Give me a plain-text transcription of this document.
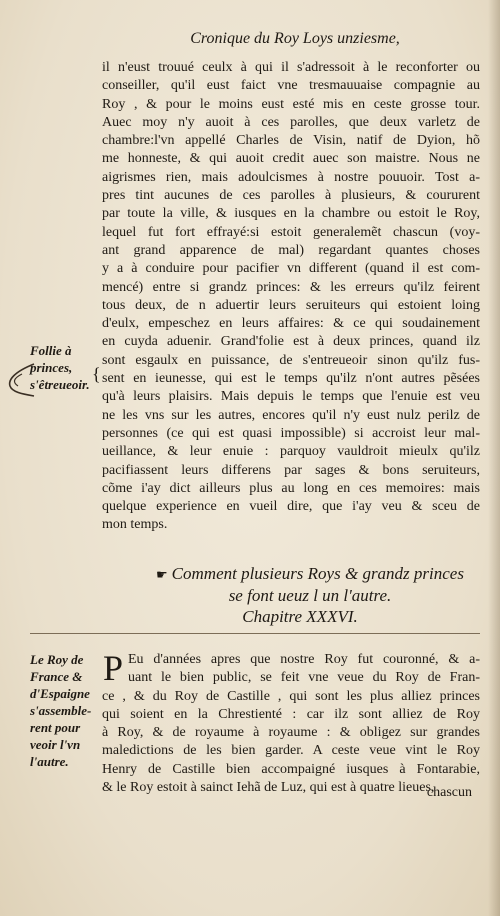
Cronique du Roy Loys unziesme,
il n'eust trouué ceulx à qui il s'adressoit à le reconforter ou
conseiller, qu'il eust faict vne tresmauuaise compagnie au
Roy , & pour le moins eust esté mis en ceste grosse tour.
Auec moy n'y auoit à ces parolles, que deux varletz de
chambre:l'vn appellé Charles de Visin, natif de Dyion, hõ
me honneste, & qui auoit credit auec son maistre. Nous ne
aigrismes rien, mais adoulcismes à nostre pouuoir. Tost a-
pres tint aucunes de ces parolles à plusieurs, & coururent
par toute la ville, & iusques en la chambre ou estoit le Roy,
lequel fut fort effrayé:si estoit generalemẽt chascun (voy-
ant grand apparence de mal) regardant quantes choses
y a à conduire pour pacifier vn different (quand il est com-
mencé) entre si grandz princes: & les erreurs qu'ilz feirent
tous deux, de n aduertir leurs seruiteurs qui estoient loing
d'eulx, empeschez en leurs affaires: & ce qui soudainement
en cuyda aduenir. Grand'folie est à deux princes, quand ilz
sont esgaulx en puissance, de s'entreueoir sinon qu'ilz fus-
sent en ieunesse, qui est le temps qu'ilz n'ont autres pẽsées
qu'à leurs plaisirs. Mais depuis le temps que l'enuie est veu
ne les vns sur les autres, encores qu'il n'y eust nulz perilz de
personnes (ce qui est quasi impossible) si accroist leur mal-
ueillance, & leur enuie : parquoy vauldroit mieulx qu'ilz
pacifiassent leurs differens par sages & bons seruiteurs,
cõme i'ay dict ailleurs plus au long en ces memoires: mais
quelque experience en vueil dire, que i'ay veu & sceu de
mon temps.
Follie à
princes,
s'êtreueoir.
{
☛ Comment plusieurs Roys & grandz princes
se font ueuz l un l'autre.
Chapitre XXXVI.
P Eu d'années apres que nostre Roy fut couronné, & a-
uant le bien public, se feit vne veue du Roy de Fran-
ce , & du Roy de Castille , qui sont les plus alliez princes
qui soient en la Chrestienté : car ilz sont alliez de Roy
à Roy, & de royaume à royaume : & obligez sur grandes
maledictions de les bien garder. A ceste veue vint le Roy
Henry de Castille bien accompaigné iusques à Fontarabie,
& le Roy estoit à sainct Iehã de Luz, qui est à quatre lieues,
Le Roy de
France &
d'Espaigne
s'assemble-
rent pour
veoir l'vn
l'autre.
chascun
